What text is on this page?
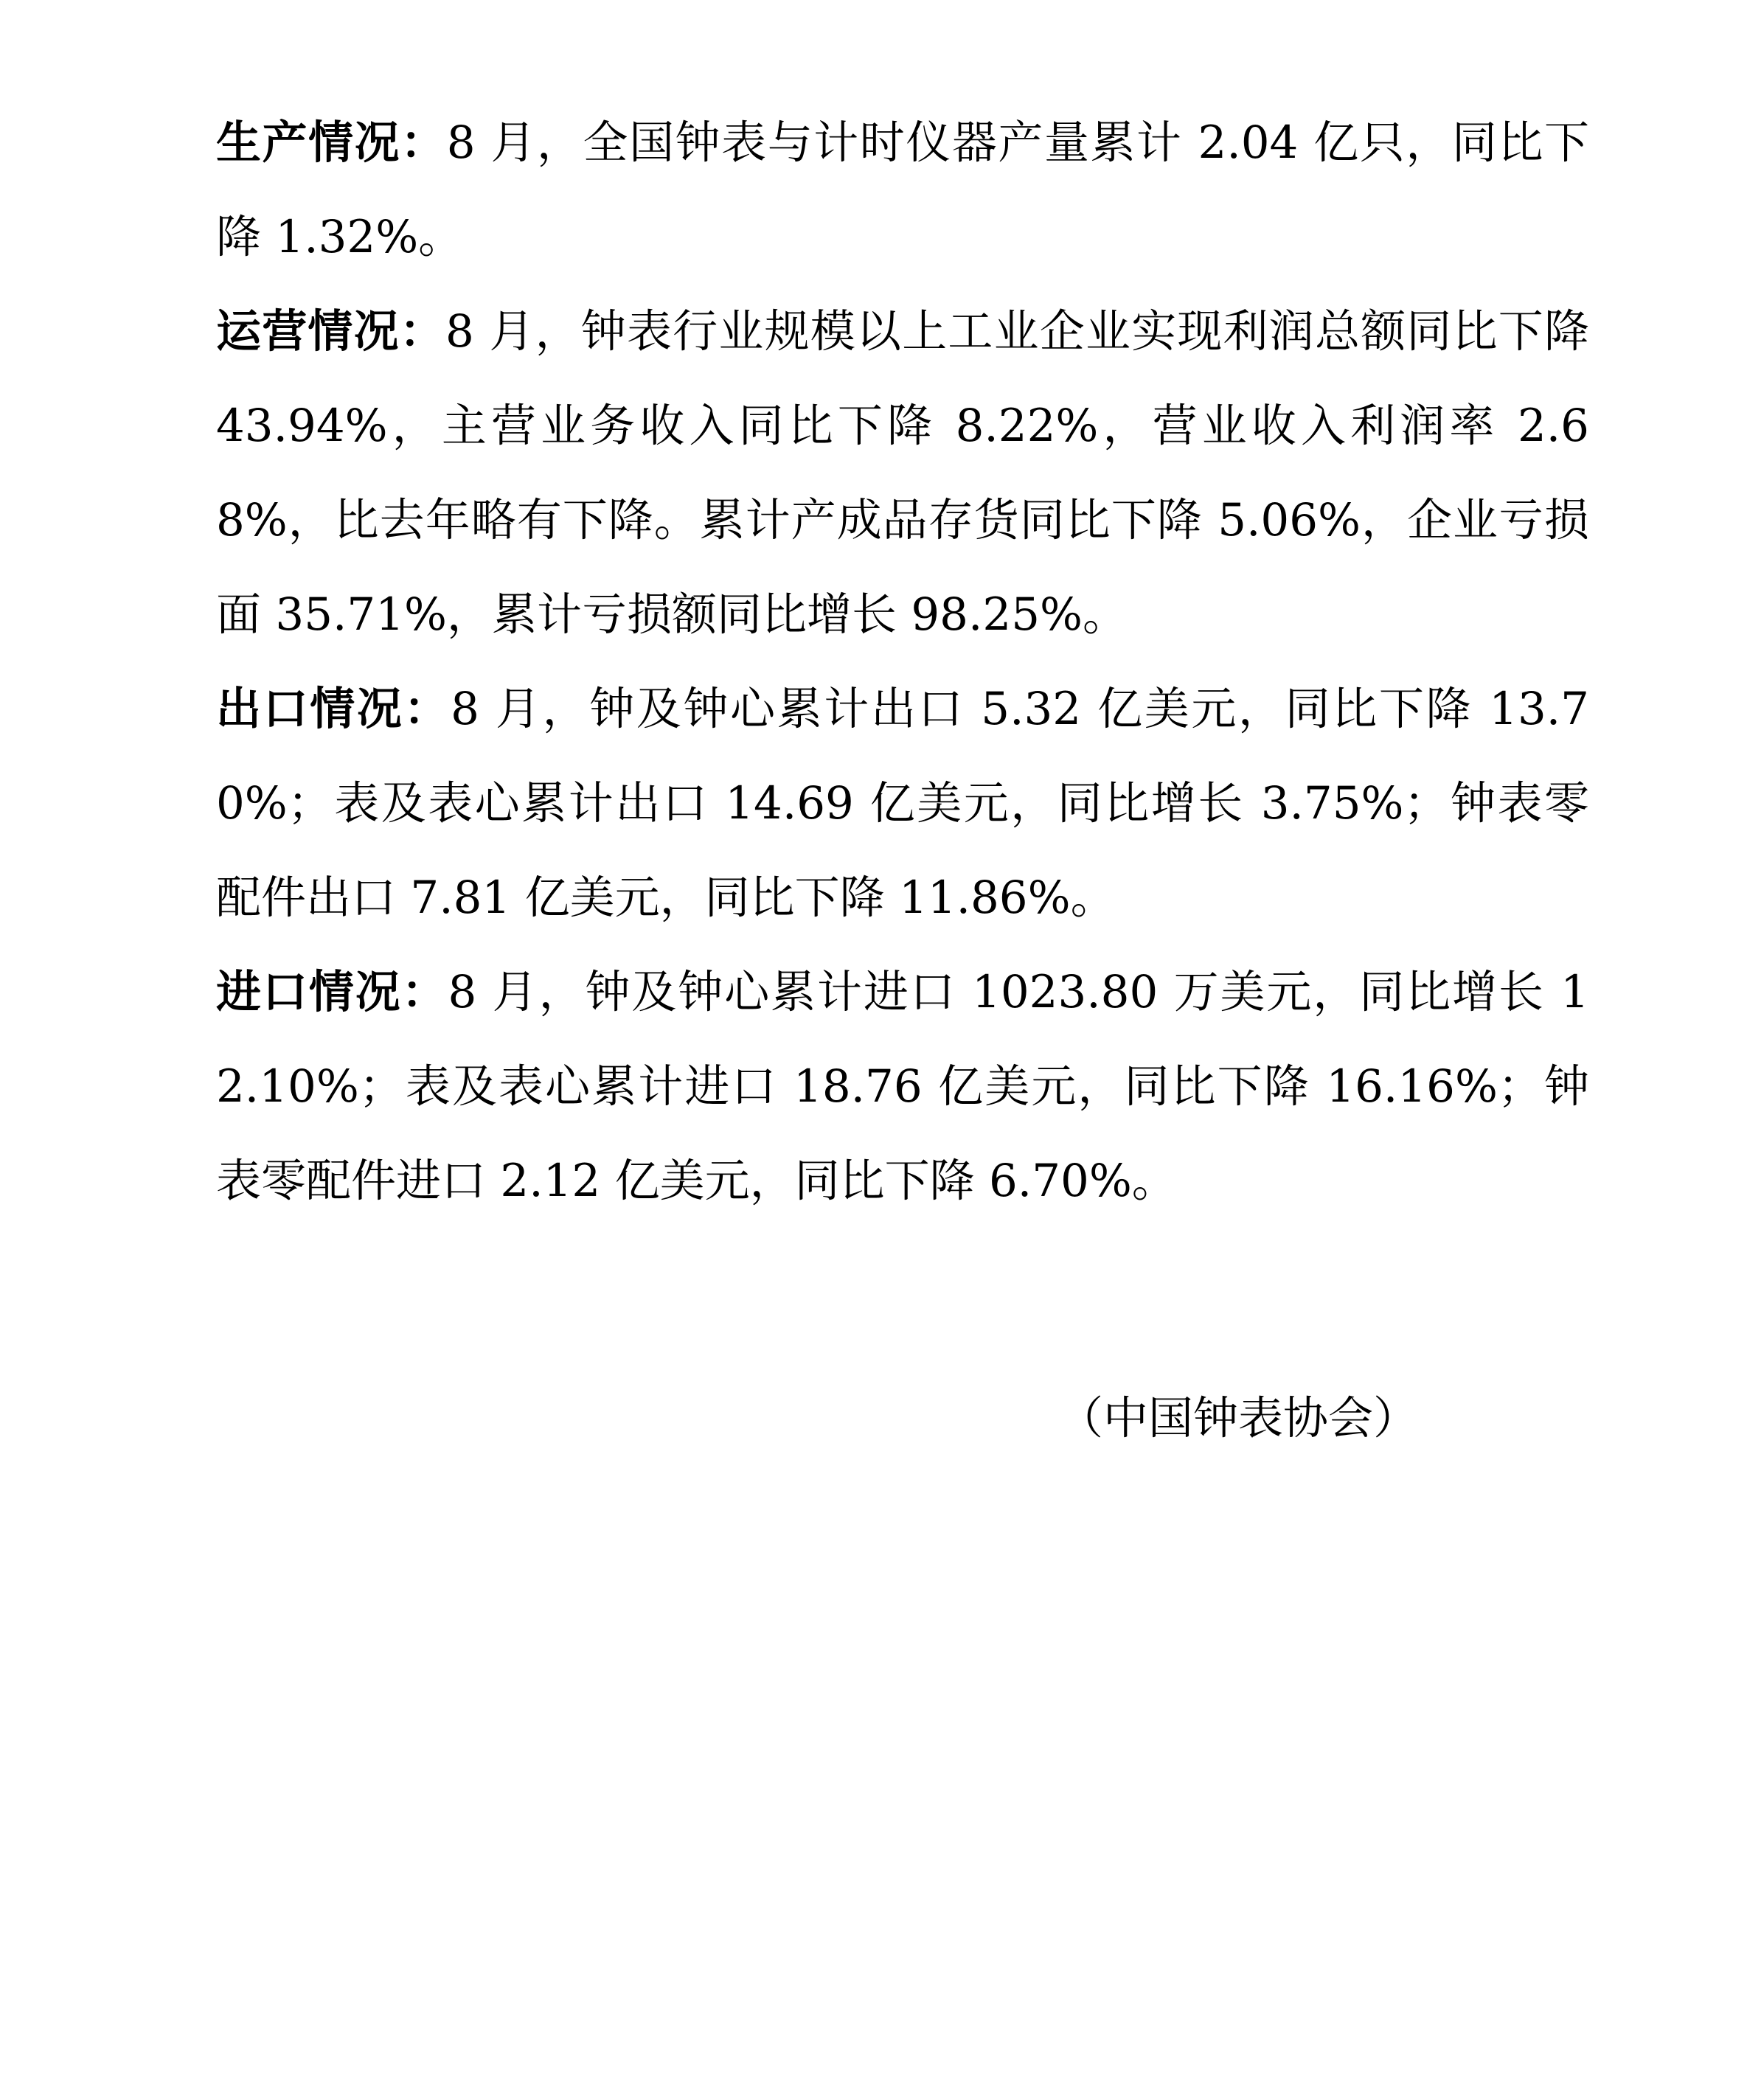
生产情况：8 月，全国钟表与计时仪器产量累计 2.04 亿只，同比下降 1.32%。

运营情况：8 月，钟表行业规模以上工业企业实现利润总额同比下降 43.94%，主营业务收入同比下降 8.22%，营业收入利润率 2.68%，比去年略有下降。累计产成品存货同比下降 5.06%，企业亏损面 35.71%，累计亏损额同比增长 98.25%。

出口情况：8 月，钟及钟心累计出口 5.32 亿美元，同比下降 13.70%；表及表心累计出口 14.69 亿美元，同比增长 3.75%；钟表零配件出口 7.81 亿美元，同比下降 11.86%。

进口情况：8 月，钟及钟心累计进口 1023.80 万美元，同比增长 12.10%；表及表心累计进口 18.76 亿美元，同比下降 16.16%；钟表零配件进口 2.12 亿美元，同比下降 6.70%。

（中国钟表协会）
